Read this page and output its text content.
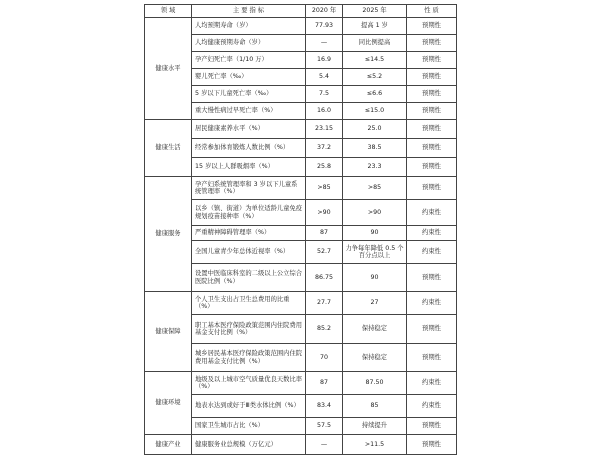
领 域	主 要 指 标	2020 年	2025 年	性 质
健康水平	人均预期寿命（岁）	77.93	提高 1 岁	预期性
	人均健康预期寿命（岁）	—	同比例提高	预期性
	孕产妇死亡率（1/10 万）	16.9	≤14.5	预期性
	婴儿死亡率（‰）	5.4	≤5.2	预期性
	5 岁以下儿童死亡率（‰）	7.5	≤6.6	预期性
	重大慢性病过早死亡率（%）	16.0	≤15.0	预期性
健康生活	居民健康素养水平（%）	23.15	25.0	预期性
	经常参加体育锻炼人数比例（%）	37.2	38.5	预期性
	15 岁以上人群吸烟率（%）	25.8	23.3	预期性
健康服务	孕产妇系统管理率和 3 岁以下儿童系统管理率（%）	>85	>85	预期性
	以乡（镇、街道）为单位适龄儿童免疫规划疫苗接种率（%）	>90	>90	约束性
	严重精神障碍管理率（%）	87	90	约束性
	全国儿童青少年总体近视率（%）	52.7	力争每年降低 0.5 个百分点以上	约束性
	设置中医临床科室的二级以上公立综合医院比例（%）	86.75	90	预期性
健康保障	个人卫生支出占卫生总费用的比重（%）	27.7	27	约束性
	职工基本医疗保险政策范围内住院费用基金支付比例（%）	85.2	保持稳定	预期性
	城乡居民基本医疗保险政策范围内住院费用基金支付比例（%）	70	保持稳定	预期性
健康环境	地级及以上城市空气质量优良天数比率（%）	87	87.50	约束性
	地表水达到或好于Ⅲ类水体比例（%）	83.4	85	约束性
	国家卫生城市占比（%）	57.5	持续提升	预期性
健康产业	健康服务业总规模（万亿元）	—	>11.5	预期性
